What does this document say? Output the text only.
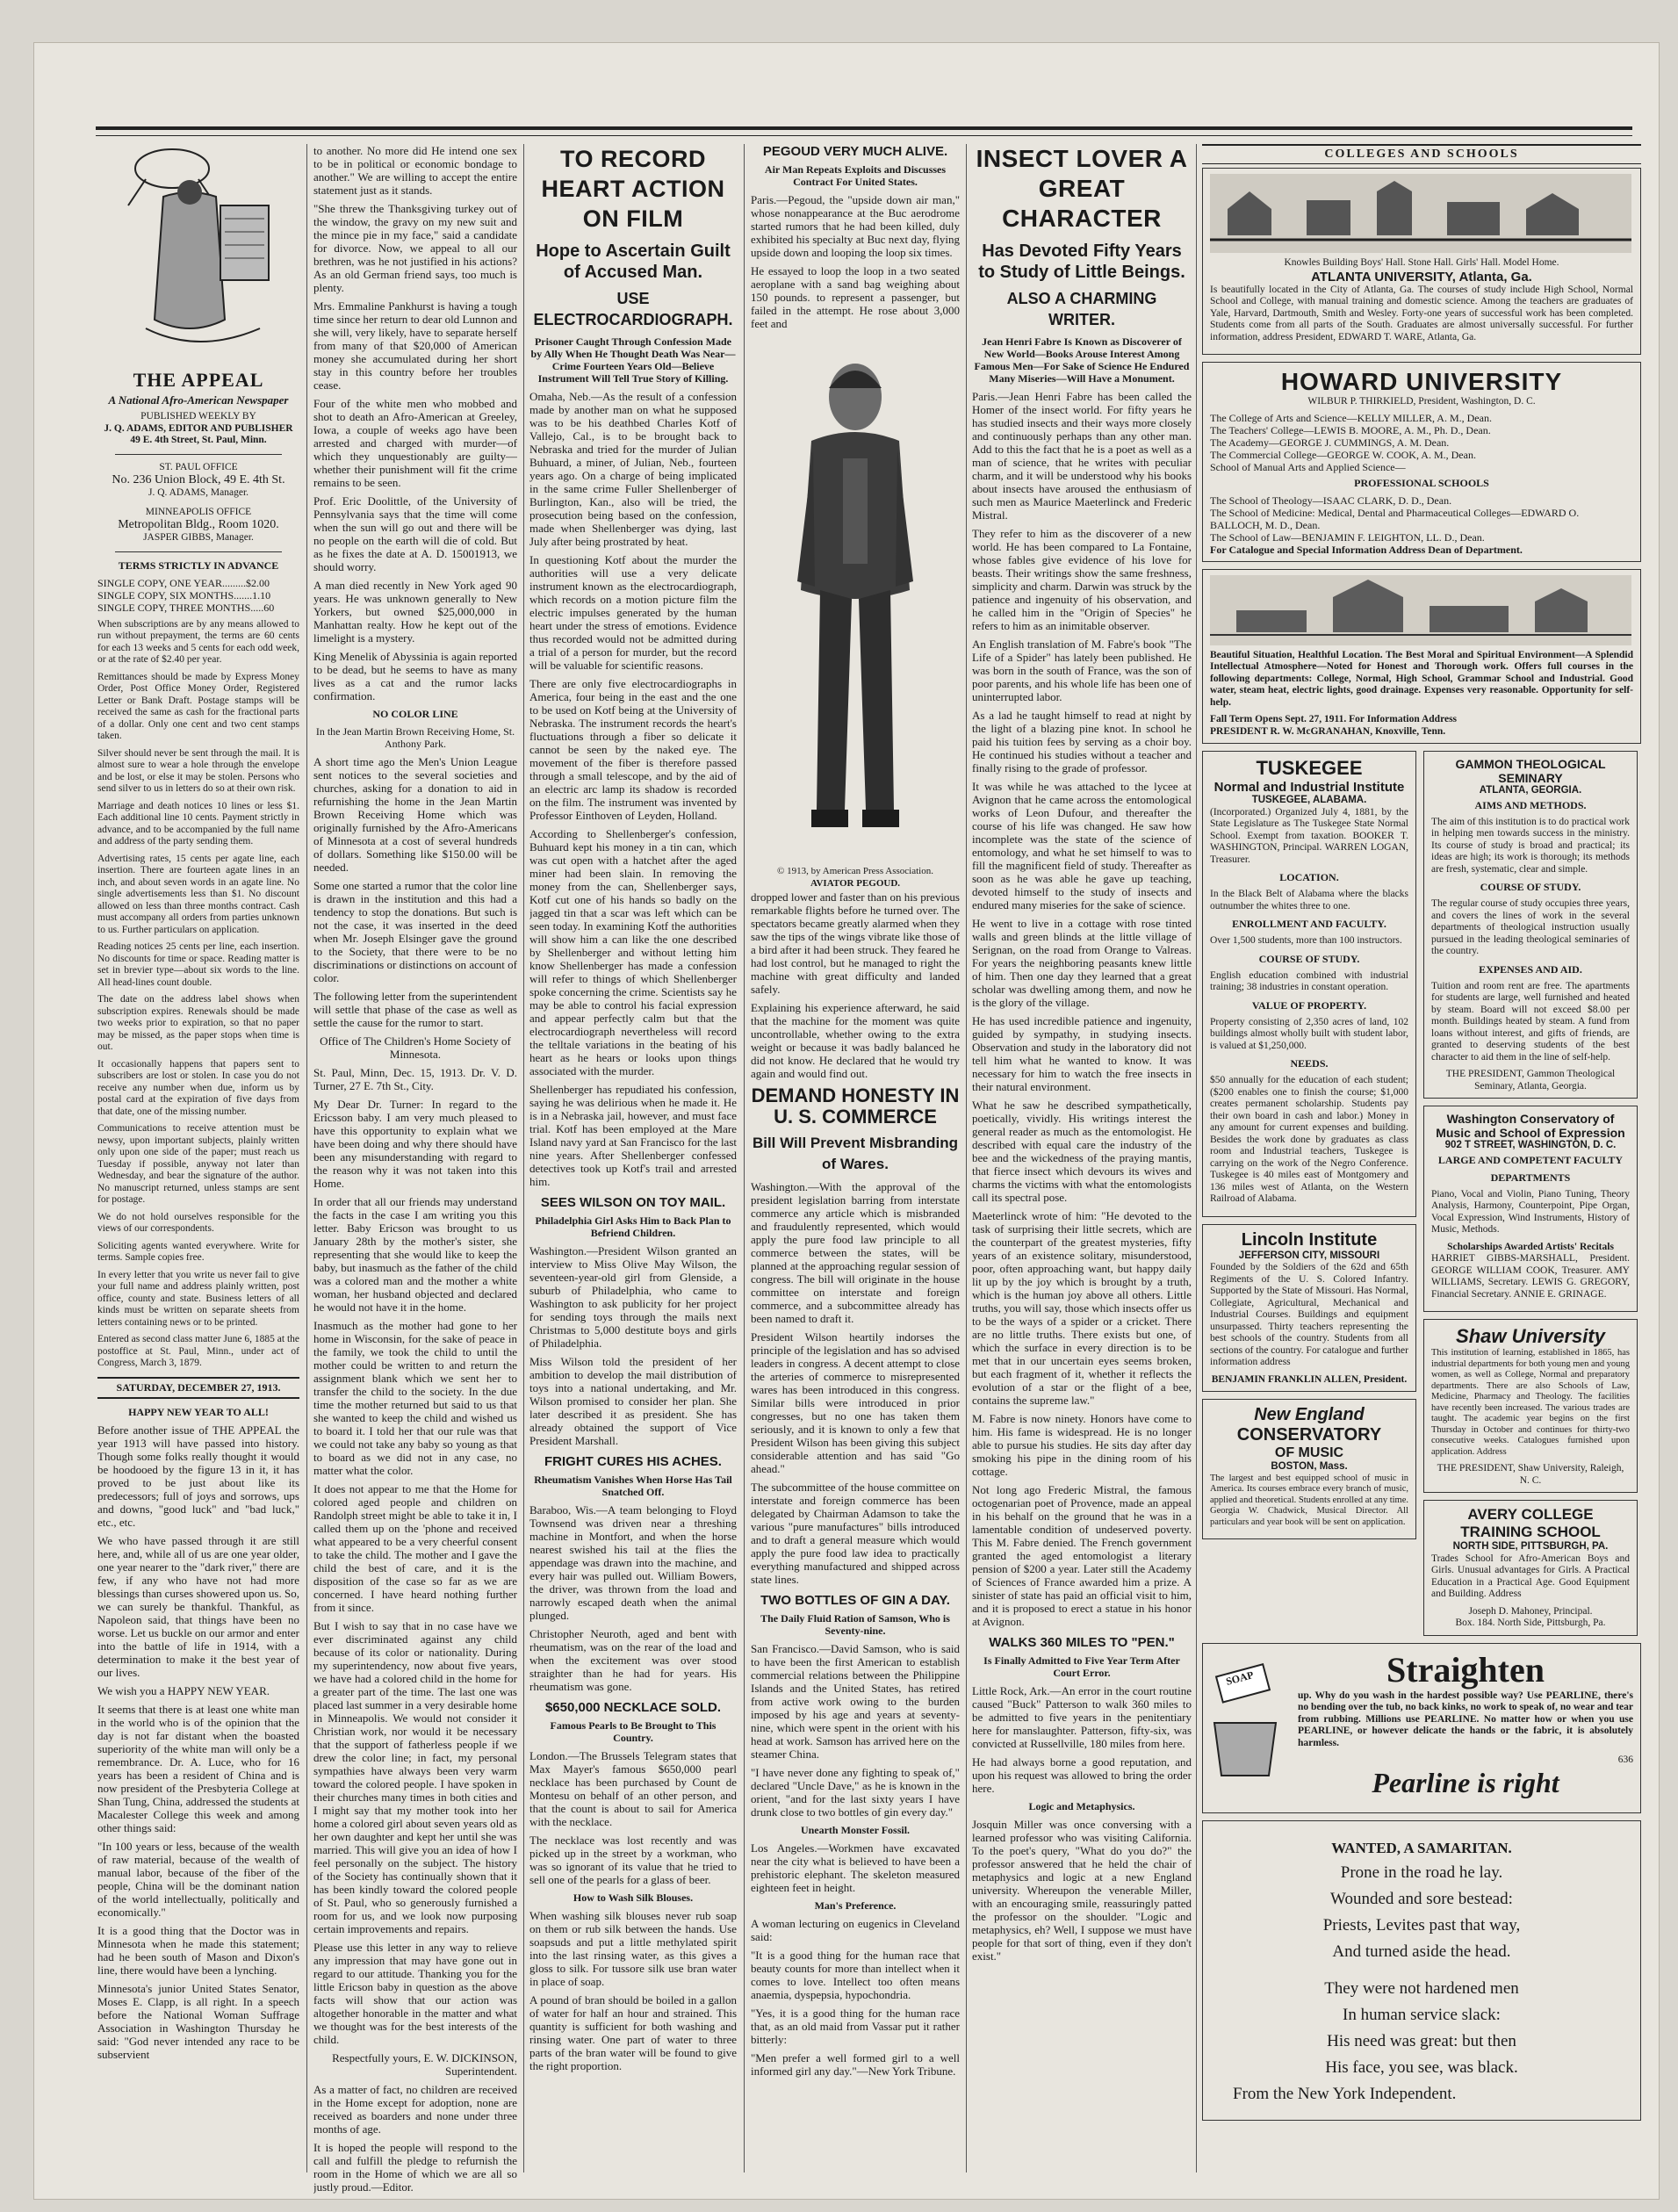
THE APPEAL
A National Afro-American Newspaper
PUBLISHED WEEKLY BY
J. Q. ADAMS, EDITOR AND PUBLISHER
49 E. 4th Street, St. Paul, Minn.
ST. PAUL OFFICE
No. 236 Union Block, 49 E. 4th St.
J. Q. ADAMS, Manager.
MINNEAPOLIS OFFICE
Metropolitan Bldg., Room 1020.
JASPER GIBBS, Manager.
TERMS STRICTLY IN ADVANCE
SINGLE COPY, ONE YEAR.........$2.00
SINGLE COPY, SIX MONTHS.......1.10
SINGLE COPY, THREE MONTHS.....60

When subscriptions are by any means allowed to run without prepayment, the terms are 60 cents for each 13 weeks and 5 cents for each odd week, or at the rate of $2.40 per year.

Remittances should be made by Express Money Order, Post Office Money Order, Registered Letter or Bank Draft. Postage stamps will be received the same as cash for the fractional parts of a dollar. Only one cent and two cent stamps taken.

Silver should never be sent through the mail. It is almost sure to wear a hole through the envelope and be lost, or else it may be stolen. Persons who send silver to us in letters do so at their own risk.

Marriage and death notices 10 lines or less $1. Each additional line 10 cents. Payment strictly in advance, and to be accompanied by the full name and address of the party sending them.

Advertising rates, 15 cents per agate line, each insertion. There are fourteen agate lines in an inch, and about seven words in an agate line. No single advertisements less than $1. No discount allowed on less than three months contract. Cash must accompany all orders from parties unknown to us. Further particulars on application.

Reading notices 25 cents per line, each insertion. No discounts for time or space. Reading matter is set in brevier type—about six words to the line. All head-lines count double.

The date on the address label shows when subscription expires. Renewals should be made two weeks prior to expiration, so that no paper may be missed, as the paper stops when time is out.

It occasionally happens that papers sent to subscribers are lost or stolen. In case you do not receive any number when due, inform us by postal card at the expiration of five days from that date, one of the missing number.

Communications to receive attention must be newsy, upon important subjects, plainly written only upon one side of the paper; must reach us Tuesday if possible, anyway not later than Wednesday, and bear the signature of the author. No manuscript returned, unless stamps are sent for postage.

We do not hold ourselves responsible for the views of our correspondents.

Soliciting agents wanted everywhere. Write for terms. Sample copies free.

In every letter that you write us never fail to give your full name and address plainly written, post office, county and state. Business letters of all kinds must be written on separate sheets from letters containing news or to be printed.

Entered as second class matter June 6, 1885 at the postoffice at St. Paul, Minn., under act of Congress, March 3, 1879.

SATURDAY, DECEMBER 27, 1913.
HAPPY NEW YEAR TO ALL!

Before another issue of THE APPEAL the year 1913 will have passed into history. Though some folks really thought it would be hoodooed by the figure 13 in it, it has proved to be just about like its predecessors; full of joys and sorrows, ups and downs, "good luck" and "bad luck," etc., etc.

We who have passed through it are still here, and, while all of us are one year older, one year nearer to the "dark river," there are few, if any who have not had more blessings than curses showered upon us. So, we can surely be thankful. Thankful, as Napoleon said, that things have been no worse. Let us buckle on our armor and enter into the battle of life in 1914, with a determination to make it the best year of our lives.

We wish you a HAPPY NEW YEAR.

It seems that there is at least one white man in the world who is of the opinion that the day is not far distant when the boasted superiority of the white man will only be a remembrance. Dr. A. Luce, who for 16 years has been a resident of China and is now president of the Presbyteria College at Shan Tung, China, addressed the students at Macalester College this week and among other things said:

"In 100 years or less, because of the wealth of raw material, because of the wealth of manual labor, because of the fiber of the people, China will be the dominant nation of the world intellectually, politically and economically."

It is a good thing that the Doctor was in Minnesota when he made this statement; had he been south of Mason and Dixon's line, there would have been a lynching.

Minnesota's junior United States Senator, Moses E. Clapp, is all right. In a speech before the National Woman Suffrage Association in Washington Thursday he said: "God never intended any race to be subservient

to another. No more did He intend one sex to be in political or economic bondage to another." We are willing to accept the entire statement just as it stands.

"She threw the Thanksgiving turkey out of the window, the gravy on my new suit and the mince pie in my face," said a candidate for divorce. Now, we appeal to all our brethren, was he not justified in his actions? As an old German friend says, too much is plenty.

Mrs. Emmaline Pankhurst is having a tough time since her return to dear old Lunnon and she will, very likely, have to separate herself from many of that $20,000 of American money she accumulated during her short stay in this country before her troubles cease.

Four of the white men who mobbed and shot to death an Afro-American at Greeley, Iowa, a couple of weeks ago have been arrested and charged with murder—of which they unquestionably are guilty—whether their punishment will fit the crime remains to be seen.

Prof. Eric Doolittle, of the University of Pennsylvania says that the time will come when the sun will go out and there will be no people on the earth will die of cold. But as he fixes the date at A. D. 15001913, we should worry.

A man died recently in New York aged 90 years. He was unknown generally to New Yorkers, but owned $25,000,000 in Manhattan realty. How he kept out of the limelight is a mystery.

King Menelik of Abyssinia is again reported to be dead, but he seems to have as many lives as a cat and the rumor lacks confirmation.

NO COLOR LINE
In the Jean Martin Brown Receiving Home, St. Anthony Park.

A short time ago the Men's Union League sent notices to the several societies and churches, asking for a donation to aid in refurnishing the home in the Jean Martin Brown Receiving Home which was originally furnished by the Afro-Americans of Minnesota at a cost of several hundreds of dollars. Something like $150.00 will be needed.

Some one started a rumor that the color line is drawn in the institution and this had a tendency to stop the donations. But such is not the case, it was inserted in the deed when Mr. Joseph Elsinger gave the ground to the Society, that there were to be no discriminations or distinctions on account of color.

The following letter from the superintendent will settle that phase of the case as well as settle the cause for the rumor to start.

Office of The Children's Home Society of Minnesota.

St. Paul, Minn, Dec. 15, 1913. Dr. V. D. Turner, 27 E. 7th St., City.

My Dear Dr. Turner: In regard to the Ericsson baby. I am very much pleased to have this opportunity to explain what we have been doing and why there should have been any misunderstanding with regard to the reason why it was not taken into this Home.

In order that all our friends may understand the facts in the case I am writing you this letter. Baby Ericson was brought to us January 28th by the mother's sister, she representing that she would like to keep the baby, but inasmuch as the father of the child was a colored man and the mother a white woman, her husband objected and declared he would not have it in the home.

Inasmuch as the mother had gone to her home in Wisconsin, for the sake of peace in the family, we took the child to until the mother could be written to and return the assignment blank which we sent her to transfer the child to the society. In the due time the mother returned but said to us that she wanted to keep the child and wished us to board it. I told her that our rule was that we could not take any baby so young as that to board as we did not in any case, no matter what the color.

It does not appear to me that the Home for colored aged people and children on Randolph street might be able to take it in, I called them up on the 'phone and received what appeared to be a very cheerful consent to take the child. The mother and I gave the child the best of care, and it is the disposition of the case so far as we are concerned. I have heard nothing further from it since.

But I wish to say that in no case have we ever discriminated against any child because of its color or nationality. During my superintendency, now about five years, we have had a colored child in the home for a greater part of the time. The last one was placed last summer in a very desirable home in Minneapolis. We would not consider it Christian work, nor would it be necessary that the support of fatherless people if we drew the color line; in fact, my personal sympathies have always been very warm toward the colored people. I have spoken in their churches many times in both cities and I might say that my mother took into her home a colored girl about seven years old as her own daughter and kept her until she was married. This will give you an idea of how I feel personally on the subject. The history of the Society has continually shown that it has been kindly toward the colored people of St. Paul, who so generously furnished a room for us, and we look now purposing certain improvements and repairs.

Please use this letter in any way to relieve any impression that may have gone out in regard to our attitude. Thanking you for the little Ericson baby in question as the above facts will show that our action was altogether honorable in the matter and what we thought was for the best interests of the child.

Respectfully yours, E. W. DICKINSON, Superintendent.

As a matter of fact, no children are received in the Home except for adoption, none are received as boarders and none under three months of age.

It is hoped the people will respond to the call and fulfill the pledge to refurnish the room in the Home of which we are all so justly proud.—Editor.

TO RECORD HEART ACTION ON FILM
Hope to Ascertain Guilt of Accused Man.
USE ELECTROCARDIOGRAPH.
Prisoner Caught Through Confession Made by Ally When He Thought Death Was Near—Crime Fourteen Years Old—Believe Instrument Will Tell True Story of Killing.

Omaha, Neb.—As the result of a confession made by another man on what he supposed was to be his deathbed Charles Kotf of Vallejo, Cal., is to be brought back to Nebraska and tried for the murder of Julian Buhuard, a miner, of Julian, Neb., fourteen years ago. On a charge of being implicated in the same crime Fuller Shellenberger of Burlington, Kan., also will be tried, the prosecution being based on the confession, made when Shellenberger was dying, last July after being prostrated by heat.

In questioning Kotf about the murder the authorities will use a very delicate instrument known as the electrocardiograph, which records on a motion picture film the electric impulses generated by the human heart under the stress of emotions. Evidence thus recorded would not be admitted during a trial of a person for murder, but the record will be valuable for scientific reasons.

There are only five electrocardiographs in America, four being in the east and the one to be used on Kotf being at the University of Nebraska. The instrument records the heart's fluctuations through a fiber so delicate it cannot be seen by the naked eye. The movement of the fiber is therefore passed through a small telescope, and by the aid of an electric arc lamp its shadow is recorded on the film. The instrument was invented by Professor Einthoven of Leyden, Holland.

According to Shellenberger's confession, Buhuard kept his money in a tin can, which was cut open with a hatchet after the aged miner had been slain. In removing the money from the can, Shellenberger says, Kotf cut one of his hands so badly on the jagged tin that a scar was left which can be seen today. In examining Kotf the authorities will show him a can like the one described by Shellenberger and without letting him know Shellenberger has made a confession will refer to things of which Shellenberger spoke concerning the crime. Scientists say he may be able to control his facial expression and appear perfectly calm but that the electrocardiograph nevertheless will record the telltale variations in the beating of his heart as he hears or looks upon things associated with the murder.

Shellenberger has repudiated his confession, saying he was delirious when he made it. He is in a Nebraska jail, however, and must face trial. Kotf has been employed at the Mare Island navy yard at San Francisco for the last nine years. After Shellenberger confessed detectives took up Kotf's trail and arrested him.

SEES WILSON ON TOY MAIL.
Philadelphia Girl Asks Him to Back Plan to Befriend Children.

Washington.—President Wilson granted an interview to Miss Olive May Wilson, the seventeen-year-old girl from Glenside, a suburb of Philadelphia, who came to Washington to ask publicity for her project for sending toys through the mails next Christmas to 5,000 destitute boys and girls of Philadelphia.

Miss Wilson told the president of her ambition to develop the mail distribution of toys into a national undertaking, and Mr. Wilson promised to consider her plan. She later described it as president. She has already obtained the support of Vice President Marshall.

FRIGHT CURES HIS ACHES.
Rheumatism Vanishes When Horse Has Tail Snatched Off.

Baraboo, Wis.—A team belonging to Floyd Townsend was driven near a threshing machine in Montfort, and when the horse nearest swished his tail at the flies the appendage was drawn into the machine, and every hair was pulled out. William Bowers, the driver, was thrown from the load and narrowly escaped death when the animal plunged.

Christopher Neuroth, aged and bent with rheumatism, was on the rear of the load and when the excitement was over stood straighter than he had for years. His rheumatism was gone.

$650,000 NECKLACE SOLD.
Famous Pearls to Be Brought to This Country.

London.—The Brussels Telegram states that Max Mayer's famous $650,000 pearl necklace has been purchased by Count de Montesu on behalf of an other person, and that the count is about to sail for America with the necklace.

The necklace was lost recently and was picked up in the street by a workman, who was so ignorant of its value that he tried to sell one of the pearls for a glass of beer.

How to Wash Silk Blouses.

When washing silk blouses never rub soap on them or rub silk between the hands. Use soapsuds and put a little methylated spirit into the last rinsing water, as this gives a gloss to silk. For tussore silk use bran water in place of soap.

A pound of bran should be boiled in a gallon of water for half an hour and strained. This quantity is sufficient for both washing and rinsing water. One part of water to three parts of the bran water will be found to give the right proportion.

PEGOUD VERY MUCH ALIVE.
Air Man Repeats Exploits and Discusses Contract For United States.

Paris.—Pegoud, the "upside down air man," whose nonappearance at the Buc aerodrome started rumors that he had been killed, duly exhibited his specialty at Buc next day, flying upside down and looping the loop six times.

He essayed to loop the loop in a two seated aeroplane with a sand bag weighing about 150 pounds. to represent a passenger, but failed in the attempt. He rose about 3,000 feet and

© 1913, by American Press Association.
AVIATOR PEGOUD.

dropped lower and faster than on his previous remarkable flights before he turned over. The spectators became greatly alarmed when they saw the tips of the wings vibrate like those of a bird after it had been struck. They feared he had lost control, but he managed to right the machine with great difficulty and landed safely.

Explaining his experience afterward, he said that the machine for the moment was quite uncontrollable, whether owing to the extra weight or because it was badly balanced he did not know. He declared that he would try again and would find out.

DEMAND HONESTY IN U. S. COMMERCE
Bill Will Prevent Misbranding of Wares.

Washington.—With the approval of the president legislation barring from interstate commerce any article which is misbranded and fraudulently represented, which would apply the pure food law principle to all commerce between the states, will be planned at the approaching regular session of congress. The bill will originate in the house committee on interstate and foreign commerce, and a subcommittee already has been named to draft it.

President Wilson heartily indorses the principle of the legislation and has so advised leaders in congress. A decent attempt to close the arteries of commerce to misrepresented wares has been introduced in this congress. Similar bills were introduced in prior congresses, but no one has taken them seriously, and it is known to only a few that President Wilson has been giving this subject considerable attention and has said "Go ahead."

The subcommittee of the house committee on interstate and foreign commerce has been delegated by Chairman Adamson to take the various "pure manufactures" bills introduced and to draft a general measure which would apply the pure food law idea to practically everything manufactured and shipped across state lines.

TWO BOTTLES OF GIN A DAY.
The Daily Fluid Ration of Samson, Who is Seventy-nine.

San Francisco.—David Samson, who is said to have been the first American to establish commercial relations between the Philippine Islands and the United States, has retired from active work owing to the burden imposed by his age and years at seventy-nine, which were spent in the orient with his head at work. Samson has arrived here on the steamer China.

"I have never done any fighting to speak of," declared "Uncle Dave," as he is known in the orient, "and for the last sixty years I have drunk close to two bottles of gin every day."

Unearth Monster Fossil.

Los Angeles.—Workmen have excavated near the city what is believed to have been a prehistoric elephant. The skeleton measured eighteen feet in height.

Man's Preference.

A woman lecturing on eugenics in Cleveland said:

"It is a good thing for the human race that beauty counts for more than intellect when it comes to love. Intellect too often means anaemia, dyspepsia, hypochondria.

"Yes, it is a good thing for the human race that, as an old maid from Vassar put it rather bitterly:

"Men prefer a well formed girl to a well informed girl any day."—New York Tribune.

INSECT LOVER A GREAT CHARACTER
Has Devoted Fifty Years to Study of Little Beings.
ALSO A CHARMING WRITER.
Jean Henri Fabre Is Known as Discoverer of New World—Books Arouse Interest Among Famous Men—For Sake of Science He Endured Many Miseries—Will Have a Monument.

Paris.—Jean Henri Fabre has been called the Homer of the insect world. For fifty years he has studied insects and their ways more closely and continuously perhaps than any other man. Add to this the fact that he is a poet as well as a man of science, that he writes with peculiar charm, and it will be understood why his books about insects have aroused the enthusiasm of such men as Maurice Maeterlinck and Frederic Mistral.

They refer to him as the discoverer of a new world. He has been compared to La Fontaine, whose fables give evidence of his love for beasts. Their writings show the same freshness, simplicity and charm. Darwin was struck by the patience and ingenuity of his observation, and he called him in the "Origin of Species" he refers to him as an inimitable observer.

An English translation of M. Fabre's book "The Life of a Spider" has lately been published. He was born in the south of France, was the son of poor parents, and his whole life has been one of uninterrupted labor.

As a lad he taught himself to read at night by the light of a blazing pine knot. In school he paid his tuition fees by serving as a choir boy. He continued his studies without a teacher and finally rising to the grade of professor.

It was while he was attached to the lycee at Avignon that he came across the entomological works of Leon Dufour, and thereafter the course of his life was changed. He saw how incomplete was the state of the science of entomology, and what he set himself to was to fill the magnificent field of study. Thereafter as soon as he was able he gave up teaching, devoted himself to the study of insects and endured many miseries for the sake of science.

He went to live in a cottage with rose tinted walls and green blinds at the little village of Serignan, on the road from Orange to Valreas. For years the neighboring peasants knew little of him. Then one day they learned that a great scholar was dwelling among them, and now he is the glory of the village.

He has used incredible patience and ingenuity, guided by sympathy, in studying insects. Observation and study in the laboratory did not tell him what he wanted to know. It was necessary for him to watch the free insects in their natural environment.

What he saw he described sympathetically, poetically, vividly. His writings interest the general reader as much as the entomologist. He described with equal care the industry of the bee and the wickedness of the praying mantis, that fierce insect which devours its wives and charms the victims with what the entomologists call its spectral pose.

Maeterlinck wrote of him: "He devoted to the task of surprising their little secrets, which are the counterpart of the greatest mysteries, fifty years of an existence solitary, misunderstood, poor, often approaching want, but happy daily lit up by the joy which is brought by a truth, which is the human joy above all others. Little truths, you will say, those which insects offer us to be the ways of a spider or a cricket. There are no little truths. There exists but one, of which the surface in every direction is to be met that in our uncertain eyes seems broken, but each fragment of it, whether it reflects the evolution of a star or the flight of a bee, contains the supreme law."

M. Fabre is now ninety. Honors have come to him. His fame is widespread. He is no longer able to pursue his studies. He sits day after day smoking his pipe in the dining room of his cottage.

Not long ago Frederic Mistral, the famous octogenarian poet of Provence, made an appeal in his behalf on the ground that he was in a lamentable condition of undeserved poverty. This M. Fabre denied. The French government granted the aged entomologist a literary pension of $200 a year. Later still the Academy of Sciences of France awarded him a prize. A sinister of state has paid an official visit to him, and it is proposed to erect a statue in his honor at Avignon.

WALKS 360 MILES TO "PEN."
Is Finally Admitted to Five Year Term After Court Error.

Little Rock, Ark.—An error in the court routine caused "Buck" Patterson to walk 360 miles to be admitted to five years in the penitentiary here for manslaughter. Patterson, fifty-six, was convicted at Russellville, 180 miles from here.

He had always borne a good reputation, and upon his request was allowed to bring the order here.

Logic and Metaphysics.

Josquin Miller was once conversing with a learned professor who was visiting California. To the poet's query, "What do you do?" the professor answered that he held the chair of metaphysics and logic at a new England university. Whereupon the venerable Miller, with an encouraging smile, reassuringly patted the professor on the shoulder. "Logic and metaphysics, eh? Well, I suppose we must have people for that sort of thing, even if they don't exist."

COLLEGES AND SCHOOLS
Knowles Building Boys' Hall. Stone Hall. Girls' Hall. Model Home.
ATLANTA UNIVERSITY, Atlanta, Ga.

Is beautifully located in the City of Atlanta, Ga. The courses of study include High School, Normal School and College, with manual training and domestic science. Among the teachers are graduates of Yale, Harvard, Dartmouth, Smith and Wesley. Forty-one years of successful work has been completed. Students come from all parts of the South. Graduates are almost universally successful. For further information, address President, EDWARD T. WARE, Atlanta, Ga.

HOWARD UNIVERSITY
WILBUR P. THIRKIELD, President, Washington, D. C.
The College of Arts and Science—KELLY MILLER, A. M., Dean.
The Teachers' College—LEWIS B. MOORE, A. M., Ph. D., Dean.
The Academy—GEORGE J. CUMMINGS, A. M. Dean.
The Commercial College—GEORGE W. COOK, A. M., Dean.
School of Manual Arts and Applied Science—
PROFESSIONAL SCHOOLS
The School of Theology—ISAAC CLARK, D. D., Dean.
The School of Medicine: Medical, Dental and Pharmaceutical Colleges—EDWARD O. BALLOCH, M. D., Dean.
The School of Law—BENJAMIN F. LEIGHTON, LL. D., Dean.
For Catalogue and Special Information Address Dean of Department.

Beautiful Situation, Healthful Location. The Best Moral and Spiritual Environment—A Splendid Intellectual Atmosphere—Noted for Honest and Thorough work. Offers full courses in the following departments: College, Normal, High School, Grammar School and Industrial. Good water, steam heat, electric lights, good drainage. Expenses very reasonable. Opportunity for self-help.

Fall Term Opens Sept. 27, 1911. For Information Address
PRESIDENT R. W. McGRANAHAN, Knoxville, Tenn.
TUSKEGEE
Normal and Industrial Institute
TUSKEGEE, ALABAMA.

(Incorporated.) Organized July 4, 1881, by the State Legislature as The Tuskegee State Normal School. Exempt from taxation. BOOKER T. WASHINGTON, Principal. WARREN LOGAN, Treasurer.

LOCATION.

In the Black Belt of Alabama where the blacks outnumber the whites three to one.

ENROLLMENT AND FACULTY.

Over 1,500 students, more than 100 instructors.

COURSE OF STUDY.

English education combined with industrial training; 38 industries in constant operation.

VALUE OF PROPERTY.

Property consisting of 2,350 acres of land, 102 buildings almost wholly built with student labor, is valued at $1,250,000.

NEEDS.

$50 annually for the education of each student; ($200 enables one to finish the course; $1,000 creates permanent scholarship. Students pay their own board in cash and labor.) Money in any amount for current expenses and building. Besides the work done by graduates as class room and Industrial teachers, Tuskegee is carrying on the work of the Negro Conference. Tuskegee is 40 miles east of Montgomery and 136 miles west of Atlanta, on the Western Railroad of Alabama.

Lincoln Institute
JEFFERSON CITY, MISSOURI

Founded by the Soldiers of the 62d and 65th Regiments of the U. S. Colored Infantry. Supported by the State of Missouri. Has Normal, Collegiate, Agricultural, Mechanical and Industrial Courses. Buildings and equipment unsurpassed. Thirty teachers representing the best schools of the country. Students from all sections of the country. For catalogue and further information address

BENJAMIN FRANKLIN ALLEN, President.
New England
CONSERVATORY
OF MUSIC
BOSTON, Mass.

The largest and best equipped school of music in America. Its courses embrace every branch of music, applied and theoretical. Students enrolled at any time. Georgia W. Chadwick, Musical Director. All particulars and year book will be sent on application.

GAMMON THEOLOGICAL SEMINARY
ATLANTA, GEORGIA.
AIMS AND METHODS.

The aim of this institution is to do practical work in helping men towards success in the ministry. Its course of study is broad and practical; its ideas are high; its work is thorough; its methods are fresh, systematic, clear and simple.

COURSE OF STUDY.

The regular course of study occupies three years, and covers the lines of work in the several departments of theological instruction usually pursued in the leading theological seminaries of the country.

EXPENSES AND AID.

Tuition and room rent are free. The apartments for students are large, well furnished and heated by steam. Board will not exceed $8.00 per month. Buildings heated by steam. A fund from loans without interest, and gifts of friends, are granted to deserving students of the best character to aid them in the line of self-help.

THE PRESIDENT, Gammon Theological Seminary, Atlanta, Georgia.
Washington Conservatory of Music and School of Expression
902 T STREET, WASHINGTON, D. C.
LARGE AND COMPETENT FACULTY
DEPARTMENTS

Piano, Vocal and Violin, Piano Tuning, Theory Analysis, Harmony, Counterpoint, Pipe Organ, Vocal Expression, Wind Instruments, History of Music, Methods.

Scholarships Awarded Artists' Recitals

HARRIET GIBBS-MARSHALL, President. GEORGE WILLIAM COOK, Treasurer. AMY WILLIAMS, Secretary. LEWIS G. GREGORY, Financial Secretary. ANNIE E. GRINAGE.

Shaw University

This institution of learning, established in 1865, has industrial departments for both young men and young women, as well as College, Normal and preparatory departments. There are also Schools of Law, Medicine, Pharmacy and Theology. The facilities have recently been increased. The various trades are taught. The academic year begins on the first Thursday in October and continues for thirty-two consecutive weeks. Catalogues furnished upon application. Address

THE PRESIDENT, Shaw University, Raleigh, N. C.
AVERY COLLEGE
TRAINING SCHOOL
NORTH SIDE, PITTSBURGH, PA.

Trades School for Afro-American Boys and Girls. Unusual advantages for Girls. A Practical Education in a Practical Age. Good Equipment and Building. Address

Joseph D. Mahoney, Principal.
Box. 184. North Side, Pittsburgh, Pa.
SOAP	Straighten

up. Why do you wash in the hardest possible way? Use PEARLINE, there's no bending over the tub, no back kinks, no work to speak of, no wear and tear from rubbing. Millions use PEARLINE. No matter how or when you use PEARLINE, or however delicate the hands or the fabric, it is absolutely harmless.

636
Pearline is right
WANTED, A SAMARITAN.

Prone in the road he lay.

Wounded and sore bestead:

Priests, Levites past that way,

And turned aside the head.

They were not hardened men

In human service slack:

His need was great: but then

His face, you see, was black.

From the New York Independent.
